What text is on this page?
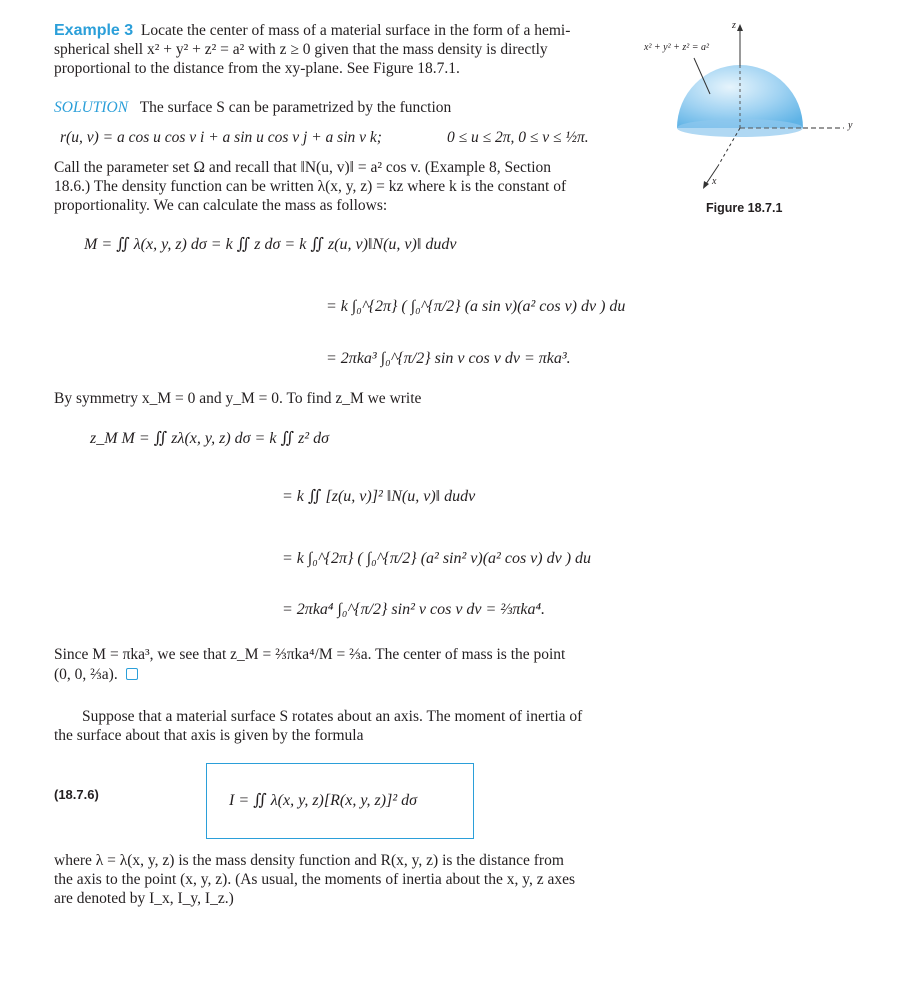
Example 3 Locate the center of mass of a material surface in the form of a hemi-
spherical shell x² + y² + z² = a² with z ≥ 0 given that the mass density is directly
proportional to the distance from the xy-plane. See Figure 18.7.1.
SOLUTION The surface S can be parametrized by the function
r(u, v) = a cos u cos v i + a sin u cos v j + a sin v k;	0 ≤ u ≤ 2π, 0 ≤ v ≤ ½π.
Call the parameter set Ω and recall that ‖N(u, v)‖ = a² cos v. (Example 8, Section
18.6.) The density function can be written λ(x, y, z) = kz where k is the constant of
proportionality. We can calculate the mass as follows:
M = ∬ λ(x, y, z) dσ = k ∬ z dσ = k ∬ z(u, v)‖N(u, v)‖ dudv
= k ∫₀^{2π} ( ∫₀^{π/2} (a sin v)(a² cos v) dv ) du
= 2πka³ ∫₀^{π/2} sin v cos v dv = πka³.
By symmetry x_M = 0 and y_M = 0. To find z_M we write
z_M M = ∬ zλ(x, y, z) dσ = k ∬ z² dσ
= k ∬ [z(u, v)]² ‖N(u, v)‖ dudv
= k ∫₀^{2π} ( ∫₀^{π/2} (a² sin² v)(a² cos v) dv ) du
= 2πka⁴ ∫₀^{π/2} sin² v cos v dv = ⅔πka⁴.
Since M = πka³, we see that z_M = ⅔πka⁴/M = ⅔a. The center of mass is the point
(0, 0, ⅔a).
Suppose that a material surface S rotates about an axis. The moment of inertia of
the surface about that axis is given by the formula
(18.7.6)	I = ∬ λ(x, y, z)[R(x, y, z)]² dσ
where λ = λ(x, y, z) is the mass density function and R(x, y, z) is the distance from
the axis to the point (x, y, z). (As usual, the moments of inertia about the x, y, z axes
are denoted by I_x, I_y, I_z.)
x² + y² + z² = a²
z
y
x
Figure 18.7.1
